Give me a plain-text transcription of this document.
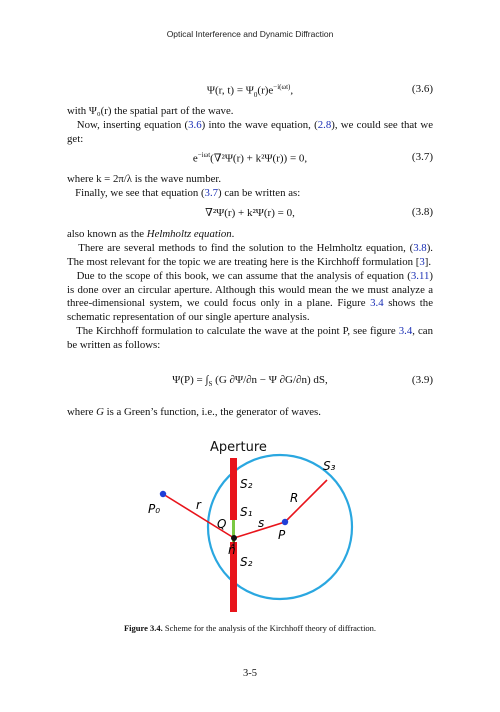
Optical Interference and Dynamic Diffraction
Ψ(r, $t) = \Psi_0(r)e^{-i(\omega t)}$,	(3.6)
with Ψ₀(r) the spatial part of the wave.
Now, inserting equation (3.6) into the wave equation, (2.8), we could see that we get:
$e^{-i\omega t}(\nabla^2\Psi(r) + k^2\Psi(r)) = 0$,	(3.7)
where k = 2π/λ is the wave number.
Finally, we see that equation (3.7) can be written as:
∇²Ψ(r) + k²Ψ(r) = 0,	(3.8)
also known as the Helmholtz equation.
There are several methods to find the solution to the Helmholtz equation, (3.8). The most relevant for the topic we are treating here is the Kirchhoff formulation [3].
Due to the scope of this book, we can assume that the analysis of equation (3.11) is done over an circular aperture. Although this would mean the we must analyze a three-dimensional system, we could focus only in a plane. Figure 3.4 shows the schematic representation of our single aperture analysis.
The Kirchhoff formulation to calculate the wave at the point P, see figure 3.4, can be written as follows:
$\Psi(P) = \int_S$ (G ∂Ψ/∂n − Ψ ∂G/∂n) dS,	(3.9)
where G is a Green’s function, i.e., the generator of waves.
Aperture
P₀	r
Q	s
P
R
S₁
S₂
S₂
S₃
n̂
Figure 3.4. Scheme for the analysis of the Kirchhoff theory of diffraction.
3-5
